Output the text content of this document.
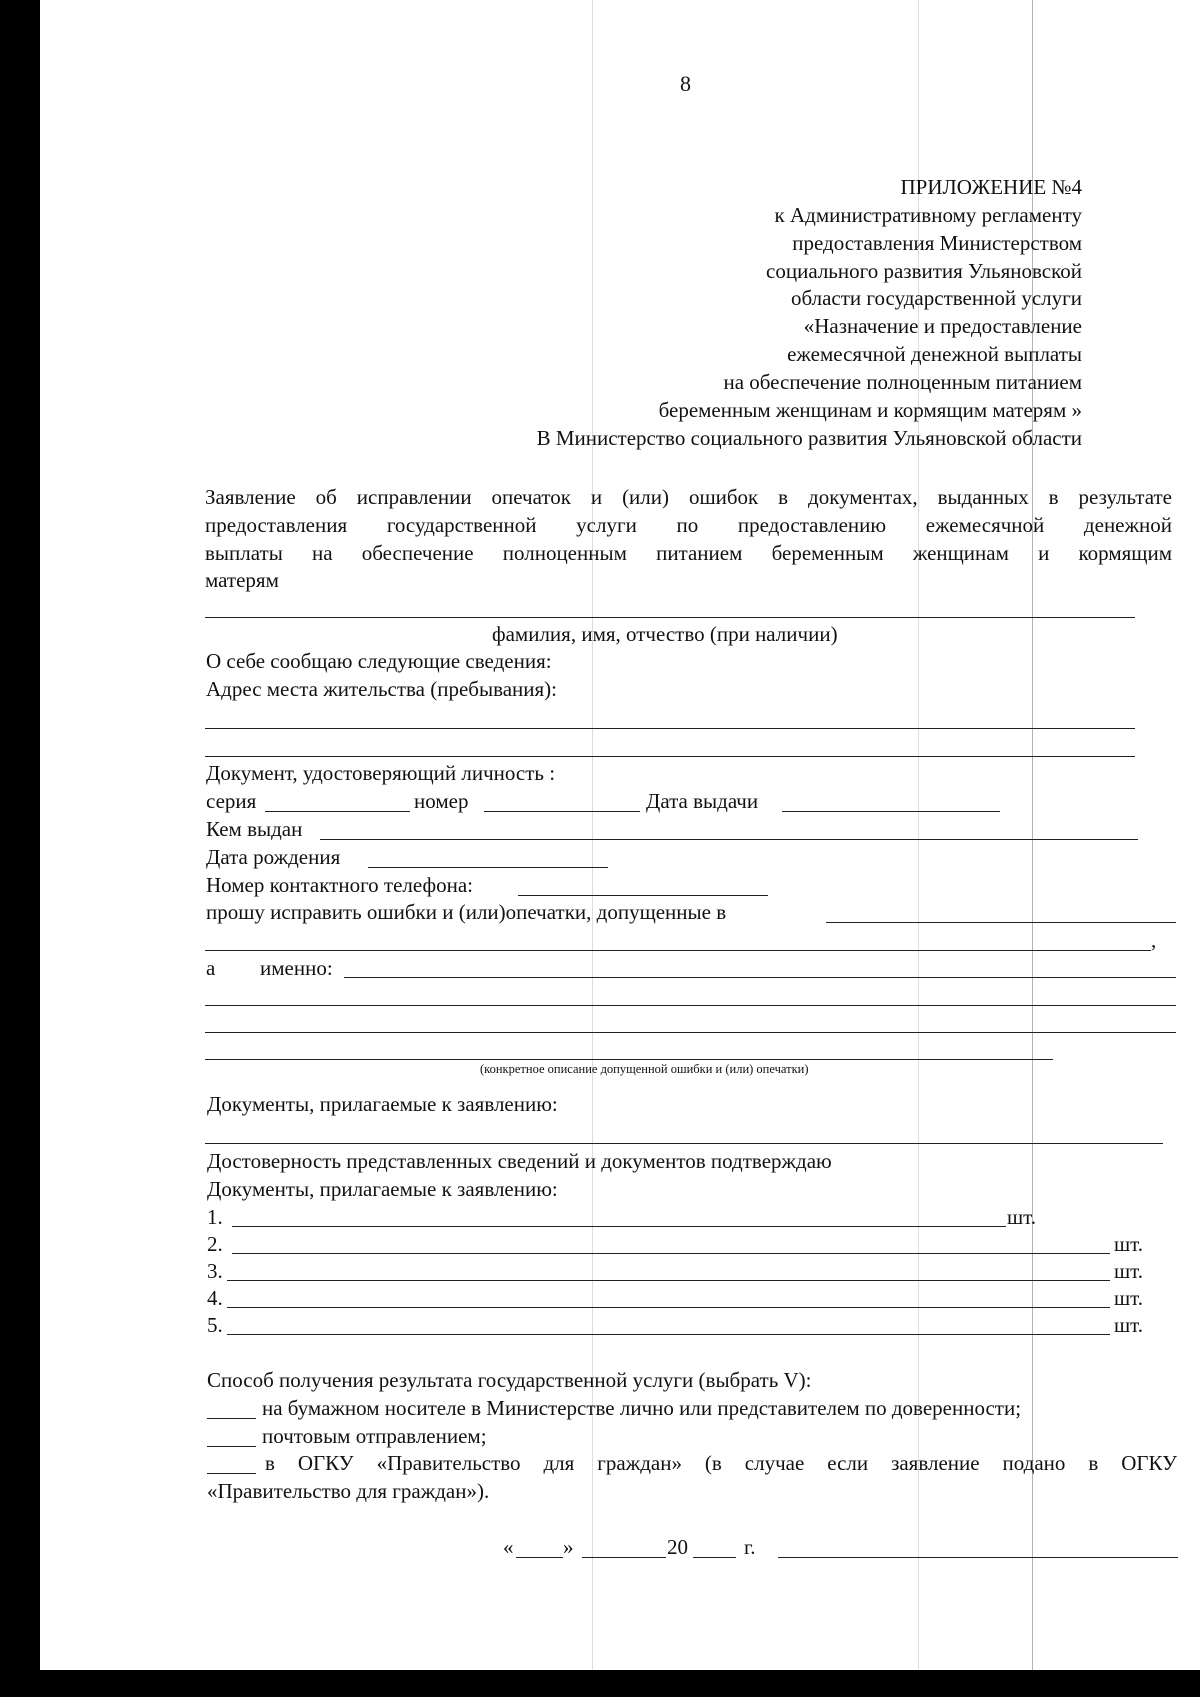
8
ПРИЛОЖЕНИЕ №4
к Административному регламенту
предоставления Министерством
социального развития Ульяновской
области государственной услуги
«Назначение и предоставление
ежемесячной денежной выплаты
на обеспечение полноценным питанием
беременным женщинам и кормящим матерям »
В Министерство социального развития Ульяновской области
Заявление об исправлении опечаток и (или) ошибок в документах, выданных в результате
предоставления государственной услуги по предоставлению ежемесячной денежной
выплаты на обеспечение полноценным питанием беременным женщинам и кормящим
матерям
фамилия, имя, отчество (при наличии)
О себе сообщаю следующие сведения:
Адрес места жительства (пребывания):
Документ, удостоверяющий личность :
серия	номер	Дата выдачи
Кем выдан
Дата рождения
Номер контактного телефона:
прошу исправить ошибки и (или)опечатки, допущенные в
,
а именно:
(конкретное описание допущенной ошибки и (или) опечатки)
Документы, прилагаемые к заявлению:
Достоверность представленных сведений и документов подтверждаю
Документы, прилагаемые к заявлению:
1.	шт.
2.	шт.
3.	шт.
4.	шт.
5.	шт.
Способ получения результата государственной услуги (выбрать V):
на бумажном носителе в Министерстве лично или представителем по доверенности;
почтовым отправлением;
в ОГКУ «Правительство для граждан» (в случае если заявление подано в ОГКУ
«Правительство для граждан»).
« »	20	г.
